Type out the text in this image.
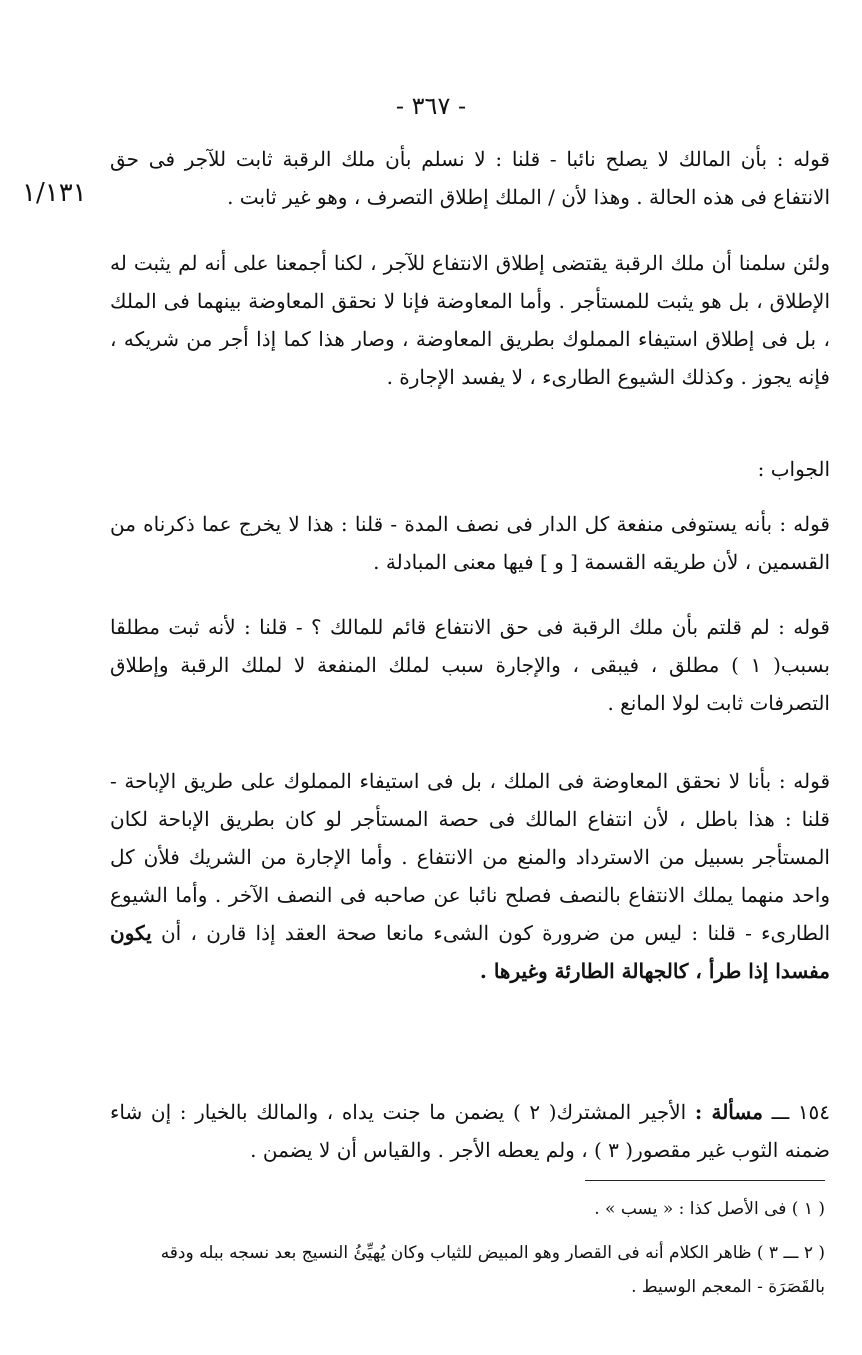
- ٣٦٧ -
١/١٣١

قوله : بأن المالك لا يصلح نائبا - قلنا : لا نسلم بأن ملك الرقبة ثابت للآجر فى حق الانتفاع فى هذه الحالة . وهذا لأن / الملك إطلاق التصرف ، وهو غير ثابت .

ولئن سلمنا أن ملك الرقبة يقتضى إطلاق الانتفاع للآجر ، لكنا أجمعنا على أنه لم يثبت له الإطلاق ، بل هو يثبت للمستأجر . وأما المعاوضة فإنا لا نحقق المعاوضة بينهما فى الملك ، بل فى إطلاق استيفاء المملوك بطريق المعاوضة ، وصار هذا كما إذا أجر من شريكه ، فإنه يجوز . وكذلك الشيوع الطارىء ، لا يفسد الإجارة .

الجواب :

قوله : بأنه يستوفى منفعة كل الدار فى نصف المدة - قلنا : هذا لا يخرج عما ذكرناه من القسمين ، لأن طريقه القسمة [ و ] فيها معنى المبادلة .

قوله : لم قلتم بأن ملك الرقبة فى حق الانتفاع قائم للمالك ؟ - قلنا : لأنه ثبت مطلقا بسبب( ١ ) مطلق ، فيبقى ، والإجارة سبب لملك المنفعة لا لملك الرقبة وإطلاق التصرفات ثابت لولا المانع .

قوله : بأنا لا نحقق المعاوضة فى الملك ، بل فى استيفاء المملوك على طريق الإباحة - قلنا : هذا باطل ، لأن انتفاع المالك فى حصة المستأجر لو كان بطريق الإباحة لكان المستأجر بسبيل من الاسترداد والمنع من الانتفاع . وأما الإجارة من الشريك فلأن كل واحد منهما يملك الانتفاع بالنصف فصلح نائبا عن صاحبه فى النصف الآخر . وأما الشيوع الطارىء - قلنا : ليس من ضرورة كون الشىء مانعا صحة العقد إذا قارن ، أن يكون مفسدا إذا طرأ ، كالجهالة الطارئة وغيرها .

١٥٤ ـــ مسألة : الأجير المشترك( ٢ ) يضمن ما جنت يداه ، والمالك بالخيار : إن شاء ضمنه الثوب غير مقصور( ٣ ) ، ولم يعطه الأجر . والقياس أن لا يضمن .

( ١ ) فى الأصل كذا : « يسب » .

( ٢ ـــ ٣ ) ظاهر الكلام أنه فى القصار وهو المبيض للثياب وكان يُهيِّئُ النسيج بعد نسجه ببله ودقه بالقَصَرَة - المعجم الوسيط .
